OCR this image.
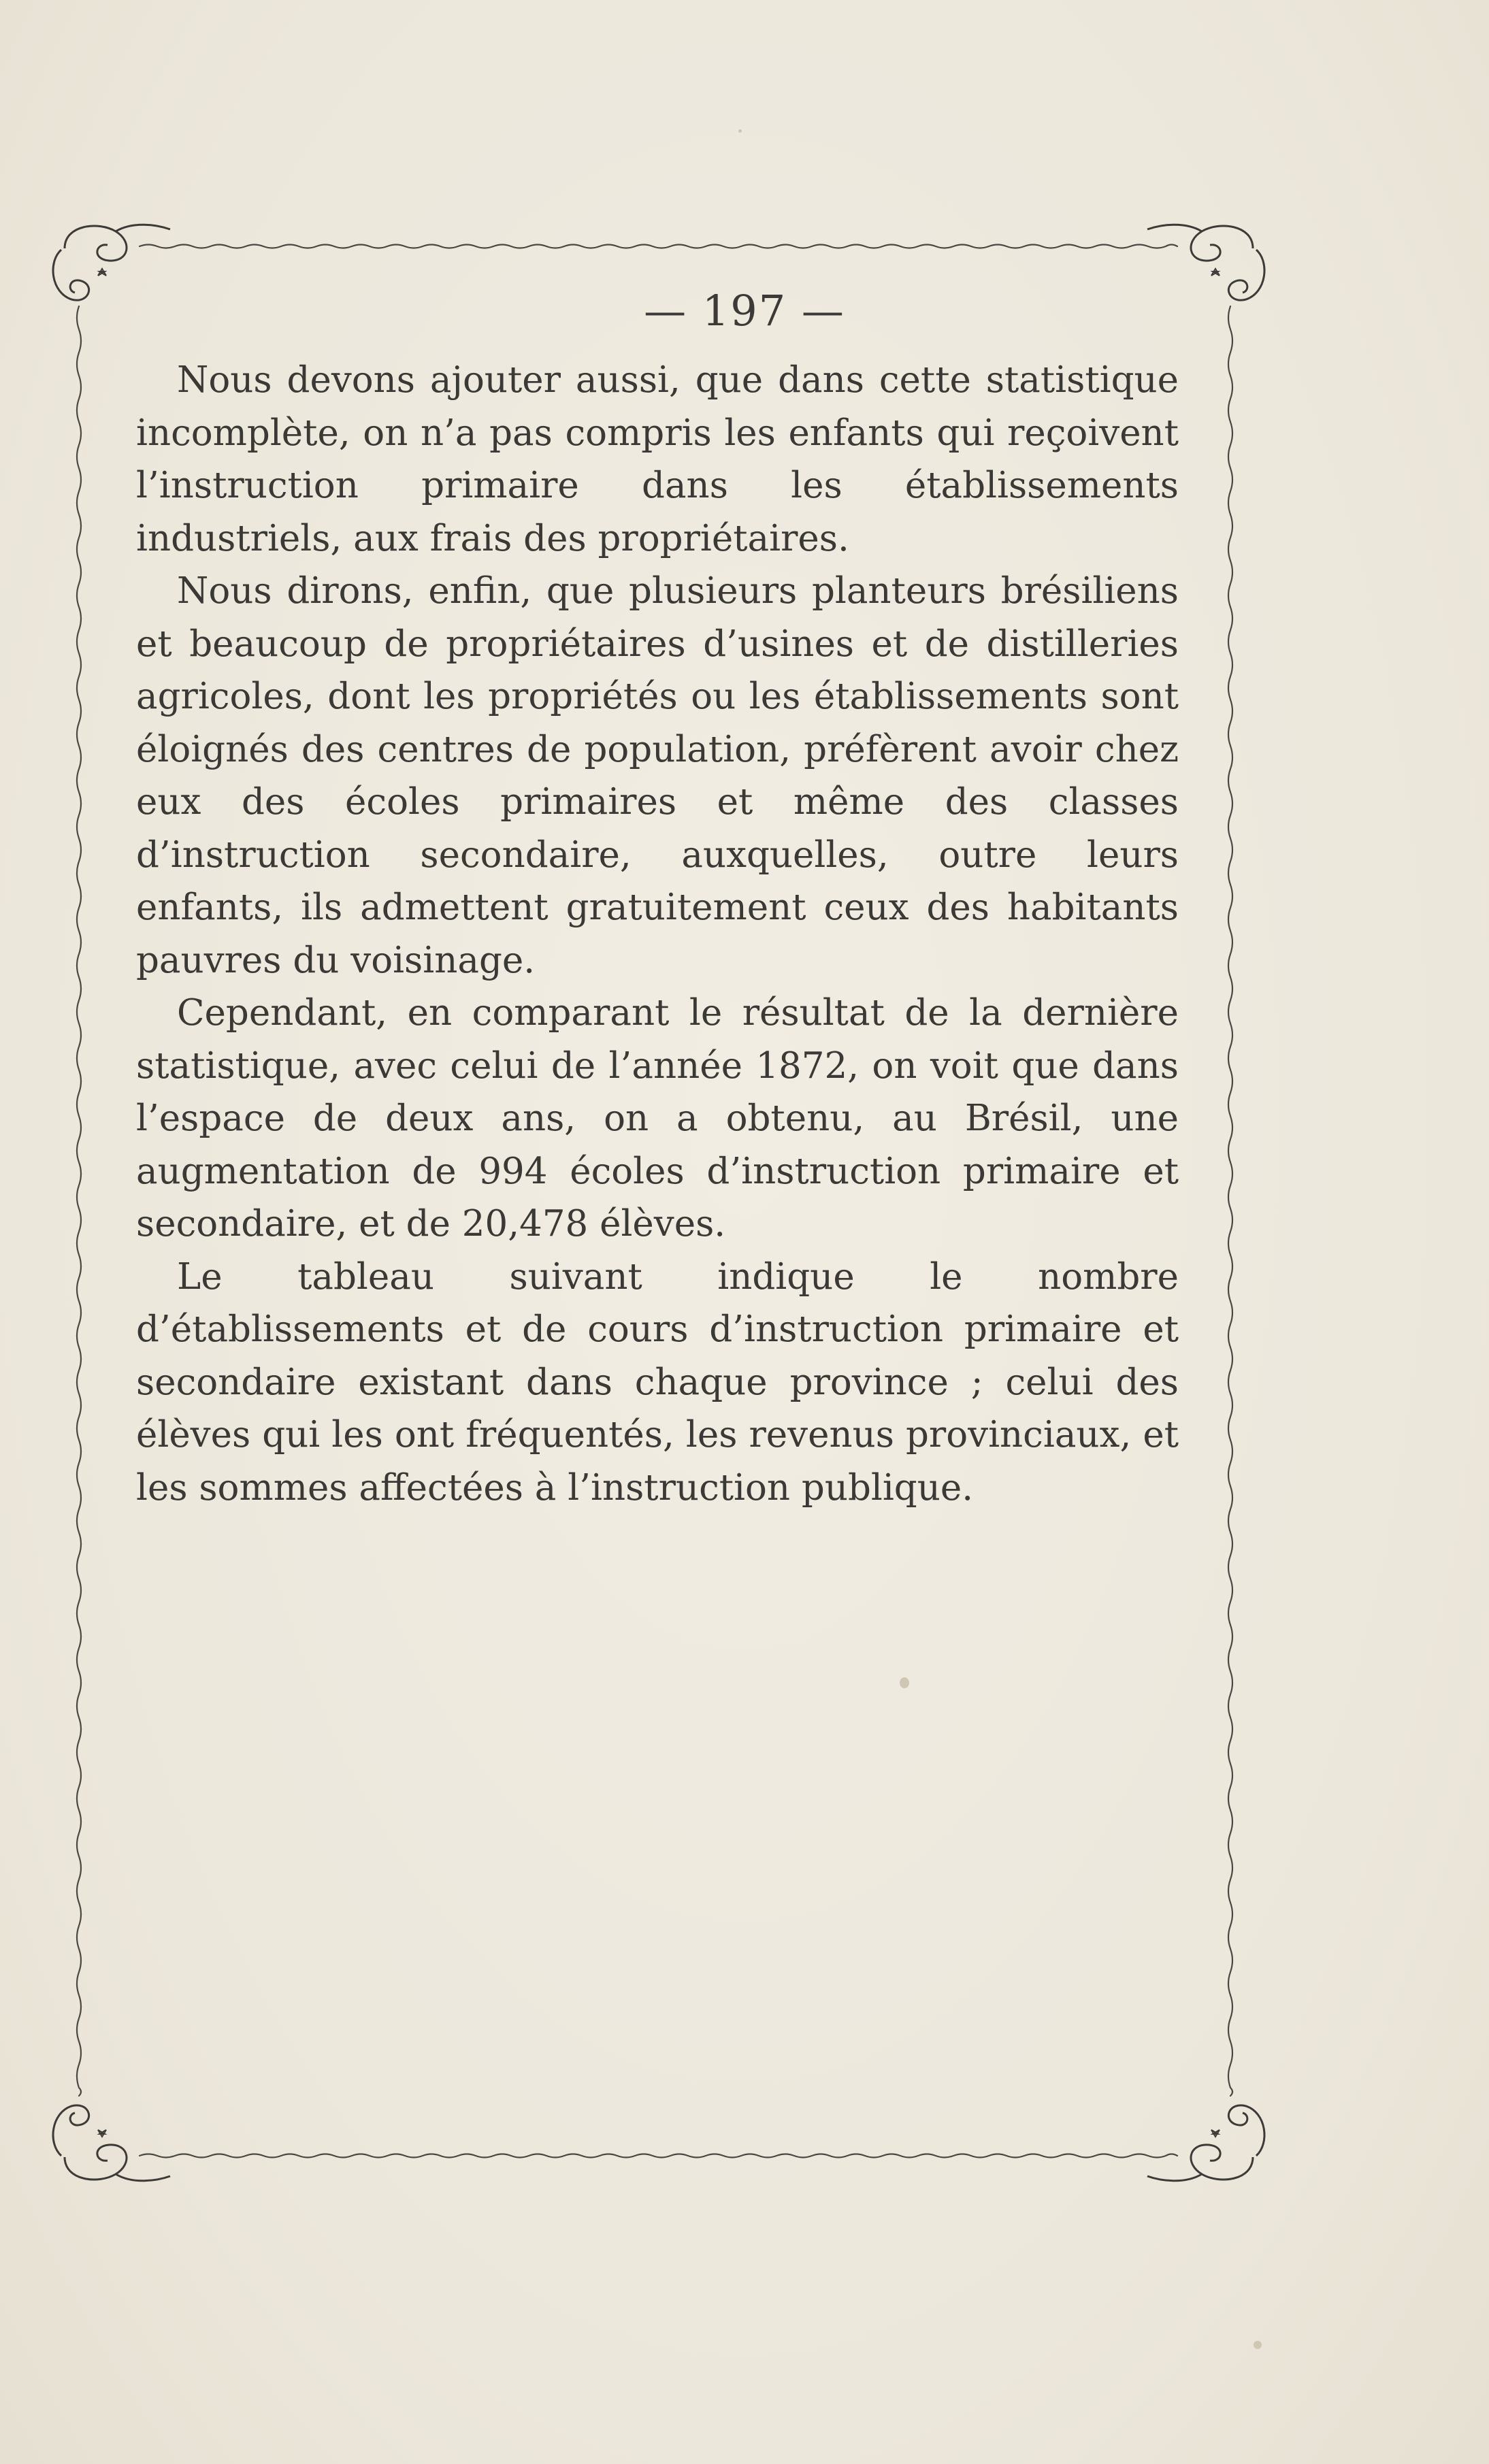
— 197 —

Nous devons ajouter aussi, que dans cette statistique incomplète, on n’a pas compris les enfants qui reçoivent l’instruction primaire dans les établissements industriels, aux frais des propriétaires.

Nous dirons, enfin, que plusieurs planteurs brésiliens et beaucoup de propriétaires d’usines et de distilleries agricoles, dont les propriétés ou les établissements sont éloignés des centres de population, préfèrent avoir chez eux des écoles primaires et même des classes d’instruction secondaire, auxquelles, outre leurs enfants, ils admettent gratuitement ceux des habitants pauvres du voisinage.

Cependant, en comparant le résultat de la dernière statistique, avec celui de l’année 1872, on voit que dans l’espace de deux ans, on a obtenu, au Brésil, une augmentation de 994 écoles d’instruction primaire et secondaire, et de 20,478 élèves.

Le tableau suivant indique le nombre d’établissements et de cours d’instruction primaire et secondaire existant dans chaque province ; celui des élèves qui les ont fréquentés, les revenus provinciaux, et les sommes affectées à l’instruction publique.
